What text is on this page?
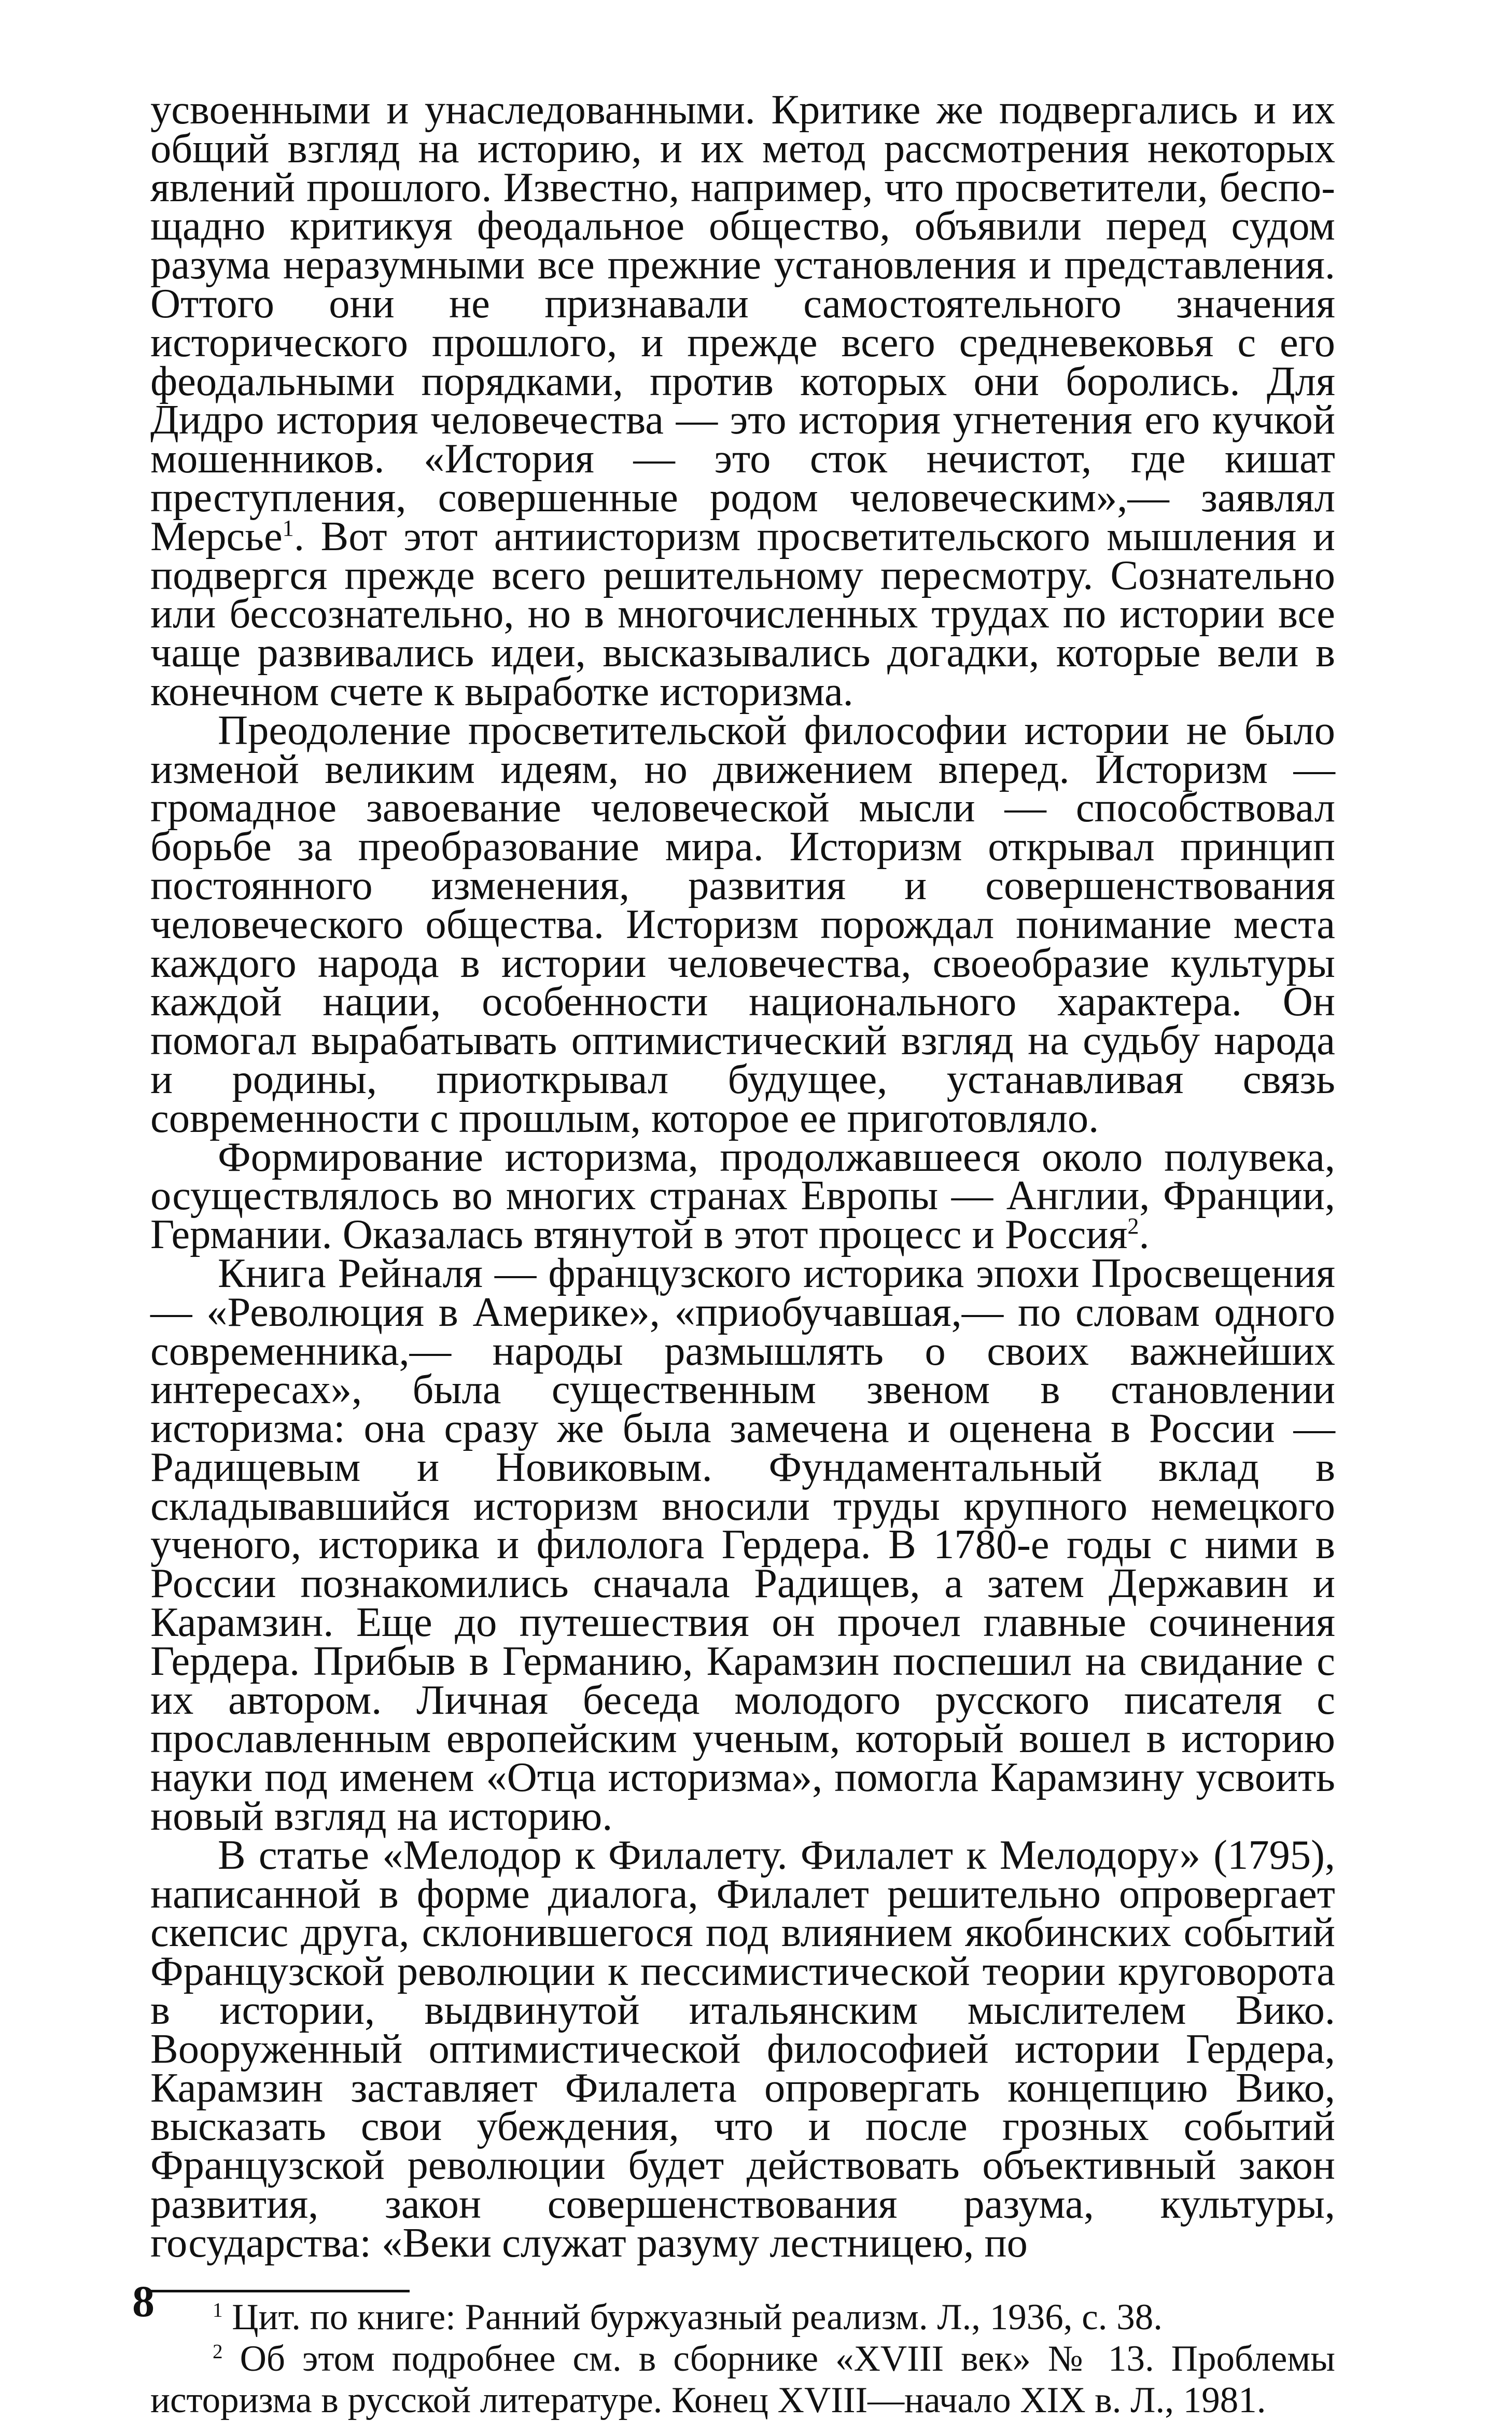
усвоенными и унаследованными. Критике же подвергались и их общий взгляд на историю, и их метод рассмотрения некоторых явлений прошлого. Известно, например, что просветители, беспощадно критикуя феодальное общество, объявили перед судом разума неразумными все прежние установления и представления. Оттого они не признавали самостоятельного значения исторического прошлого, и прежде всего средневековья с его феодальными порядками, против которых они боролись. Для Дидро история человечества — это история угнетения его кучкой мошенников. «История — это сток нечистот, где кишат преступления, совершенные родом человеческим»,— заявлял Мерсье$^1$. Вот этот антиисторизм просветительского мышления и подвергся прежде всего решительному пересмотру. Сознательно или бессознательно, но в многочисленных трудах по истории все чаще развивались идеи, высказывались догадки, которые вели в конечном счете к выработке историзма.

Преодоление просветительской философии истории не было изменой великим идеям, но движением вперед. Историзм — громадное завоевание человеческой мысли — способствовал борьбе за преобразование мира. Историзм открывал принцип постоянного изменения, развития и совершенствования человеческого общества. Историзм порождал понимание места каждого народа в истории человечества, своеобразие культуры каждой нации, особенности национального характера. Он помогал вырабатывать оптимистический взгляд на судьбу народа и родины, приоткрывал будущее, устанавливая связь современности с прошлым, которое ее приготовляло.

Формирование историзма, продолжавшееся около полувека, осуществлялось во многих странах Европы — Англии, Франции, Германии. Оказалась втянутой в этот процесс и Россия$^2$.

Книга Рейналя — французского историка эпохи Просвещения — «Революция в Америке», «приобучавшая,— по словам одного современника,— народы размышлять о своих важнейших интересах», была существенным звеном в становлении историзма: она сразу же была замечена и оценена в России — Радищевым и Новиковым. Фундаментальный вклад в складывавшийся историзм вносили труды крупного немецкого ученого, историка и филолога Гердера. В 1780-е годы с ними в России познакомились сначала Радищев, а затем Державин и Карамзин. Еще до путешествия он прочел главные сочинения Гердера. Прибыв в Германию, Карамзин поспешил на свидание с их автором. Личная беседа молодого русского писателя с прославленным европейским ученым, который вошел в историю науки под именем «Отца историзма», помогла Карамзину усвоить новый взгляд на историю.

В статье «Мелодор к Филалету. Филалет к Мелодору» (1795), написанной в форме диалога, Филалет решительно опровергает скепсис друга, склонившегося под влиянием якобинских событий Французской революции к пессимистической теории круговорота в истории, выдвинутой итальянским мыслителем Вико. Вооруженный оптимистической философией истории Гердера, Карамзин заставляет Филалета опровергать концепцию Вико, высказать свои убеждения, что и после грозных событий Французской революции будет действовать объективный закон развития, закон совершенствования разума, культуры, государства: «Веки служат разуму лестницею, по

$^1$ Цит. по книге: Ранний буржуазный реализм. Л., 1936, с. 38.

$^2$ Об этом подробнее см. в сборнике «XVIII век» № 13. Проблемы историзма в русской литературе. Конец XVIII—начало XIX в. Л., 1981.

8
